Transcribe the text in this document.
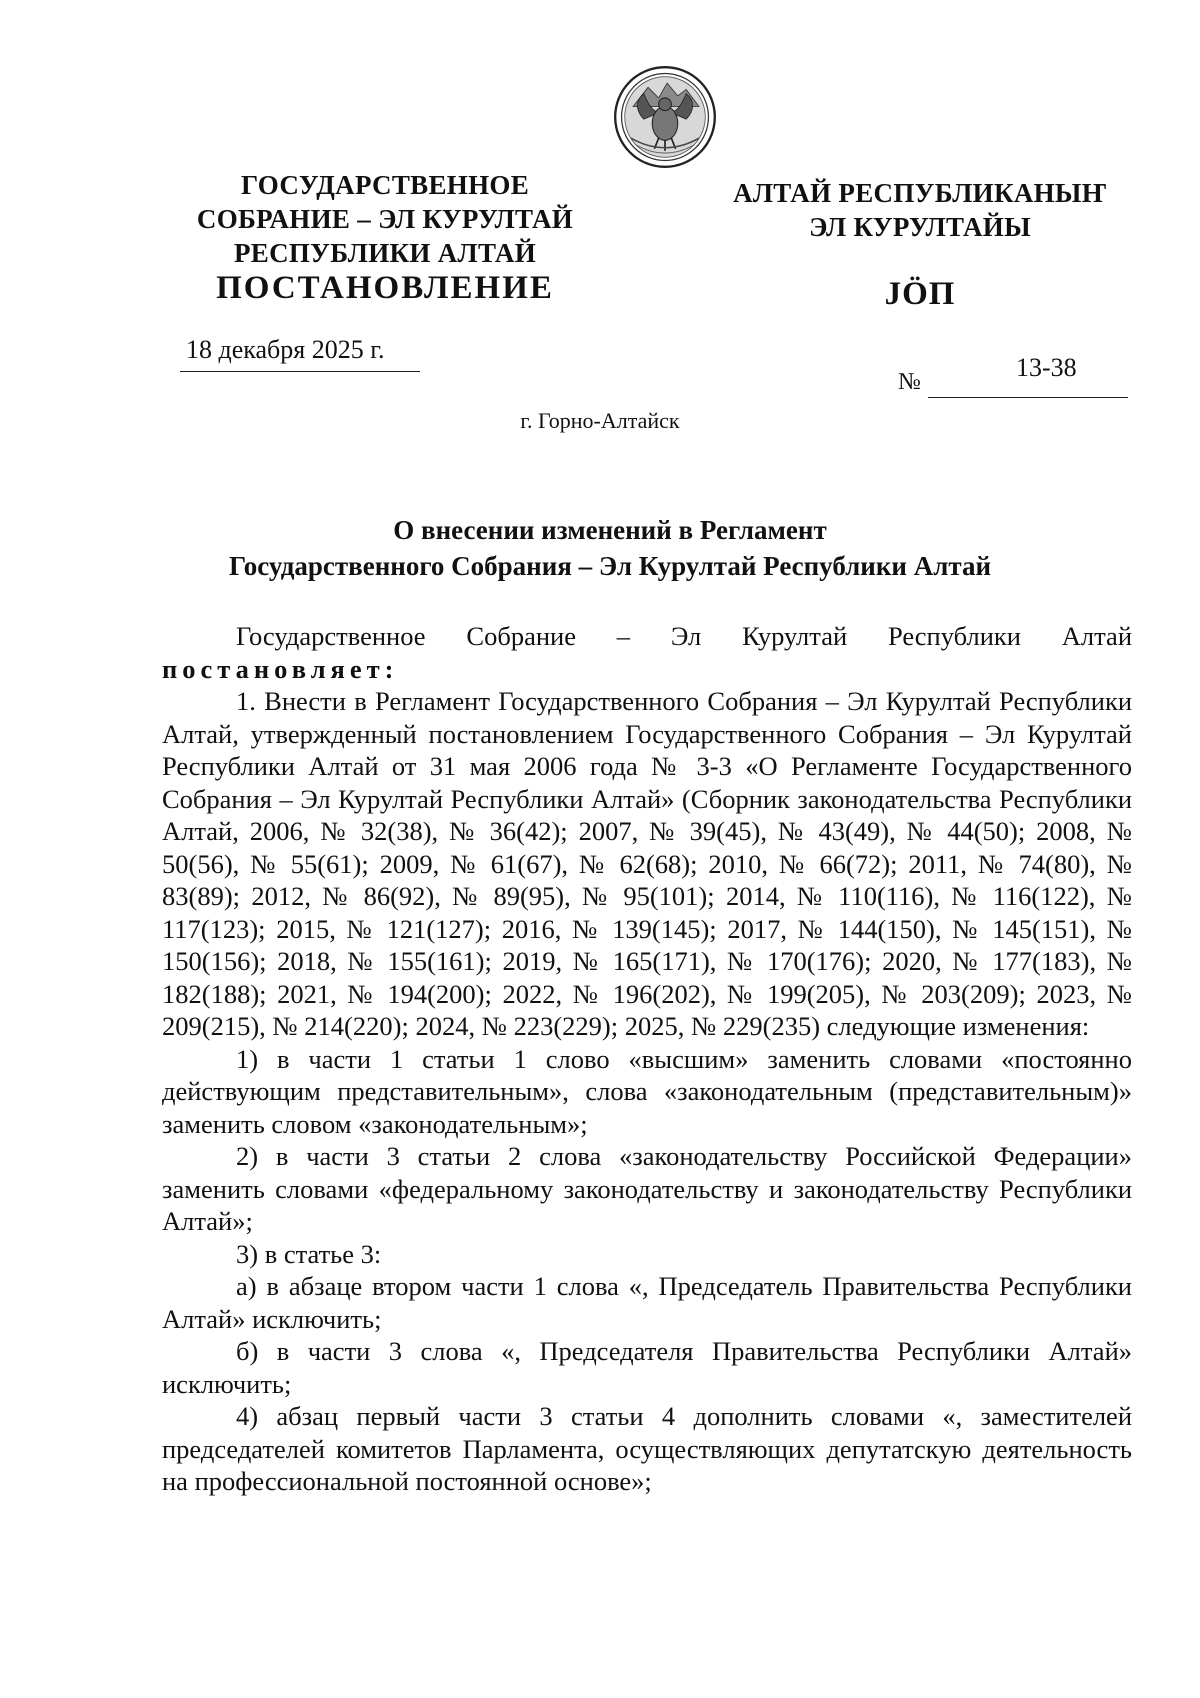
ГОСУДАРСТВЕННОЕ
СОБРАНИЕ – ЭЛ КУРУЛТАЙ
РЕСПУБЛИКИ АЛТАЙ
АЛТАЙ РЕСПУБЛИКАНЫҤ
ЭЛ КУРУЛТАЙЫ
ПОСТАНОВЛЕНИЕ	JӦП
18 декабря 2025 г.
№	13-38
г. Горно-Алтайск
О внесении изменений в Регламент
Государственного Собрания – Эл Курултай Республики Алтай

Государственное Собрание – Эл Курултай Республики Алтай постановляет:

1. Внести в Регламент Государственного Собрания – Эл Курултай Республики Алтай, утвержденный постановлением Государственного Собрания – Эл Курултай Республики Алтай от 31 мая 2006 года № 3-3 «О Регламенте Государственного Собрания – Эл Курултай Республики Алтай» (Сборник законодательства Республики Алтай, 2006, № 32(38), № 36(42); 2007, № 39(45), № 43(49), № 44(50); 2008, № 50(56), № 55(61); 2009, № 61(67), № 62(68); 2010, № 66(72); 2011, № 74(80), № 83(89); 2012, № 86(92), № 89(95), № 95(101); 2014, № 110(116), № 116(122), № 117(123); 2015, № 121(127); 2016, № 139(145); 2017, № 144(150), № 145(151), № 150(156); 2018, № 155(161); 2019, № 165(171), № 170(176); 2020, № 177(183), № 182(188); 2021, № 194(200); 2022, № 196(202), № 199(205), № 203(209); 2023, № 209(215), № 214(220); 2024, № 223(229); 2025, № 229(235) следующие изменения:

1) в части 1 статьи 1 слово «высшим» заменить словами «постоянно действующим представительным», слова «законодательным (представительным)» заменить словом «законодательным»;

2) в части 3 статьи 2 слова «законодательству Российской Федерации» заменить словами «федеральному законодательству и законодательству Республики Алтай»;

3) в статье 3:

а) в абзаце втором части 1 слова «, Председатель Правительства Республики Алтай» исключить;

б) в части 3 слова «, Председателя Правительства Республики Алтай» исключить;

4) абзац первый части 3 статьи 4 дополнить словами «, заместителей председателей комитетов Парламента, осуществляющих депутатскую деятельность на профессиональной постоянной основе»;
